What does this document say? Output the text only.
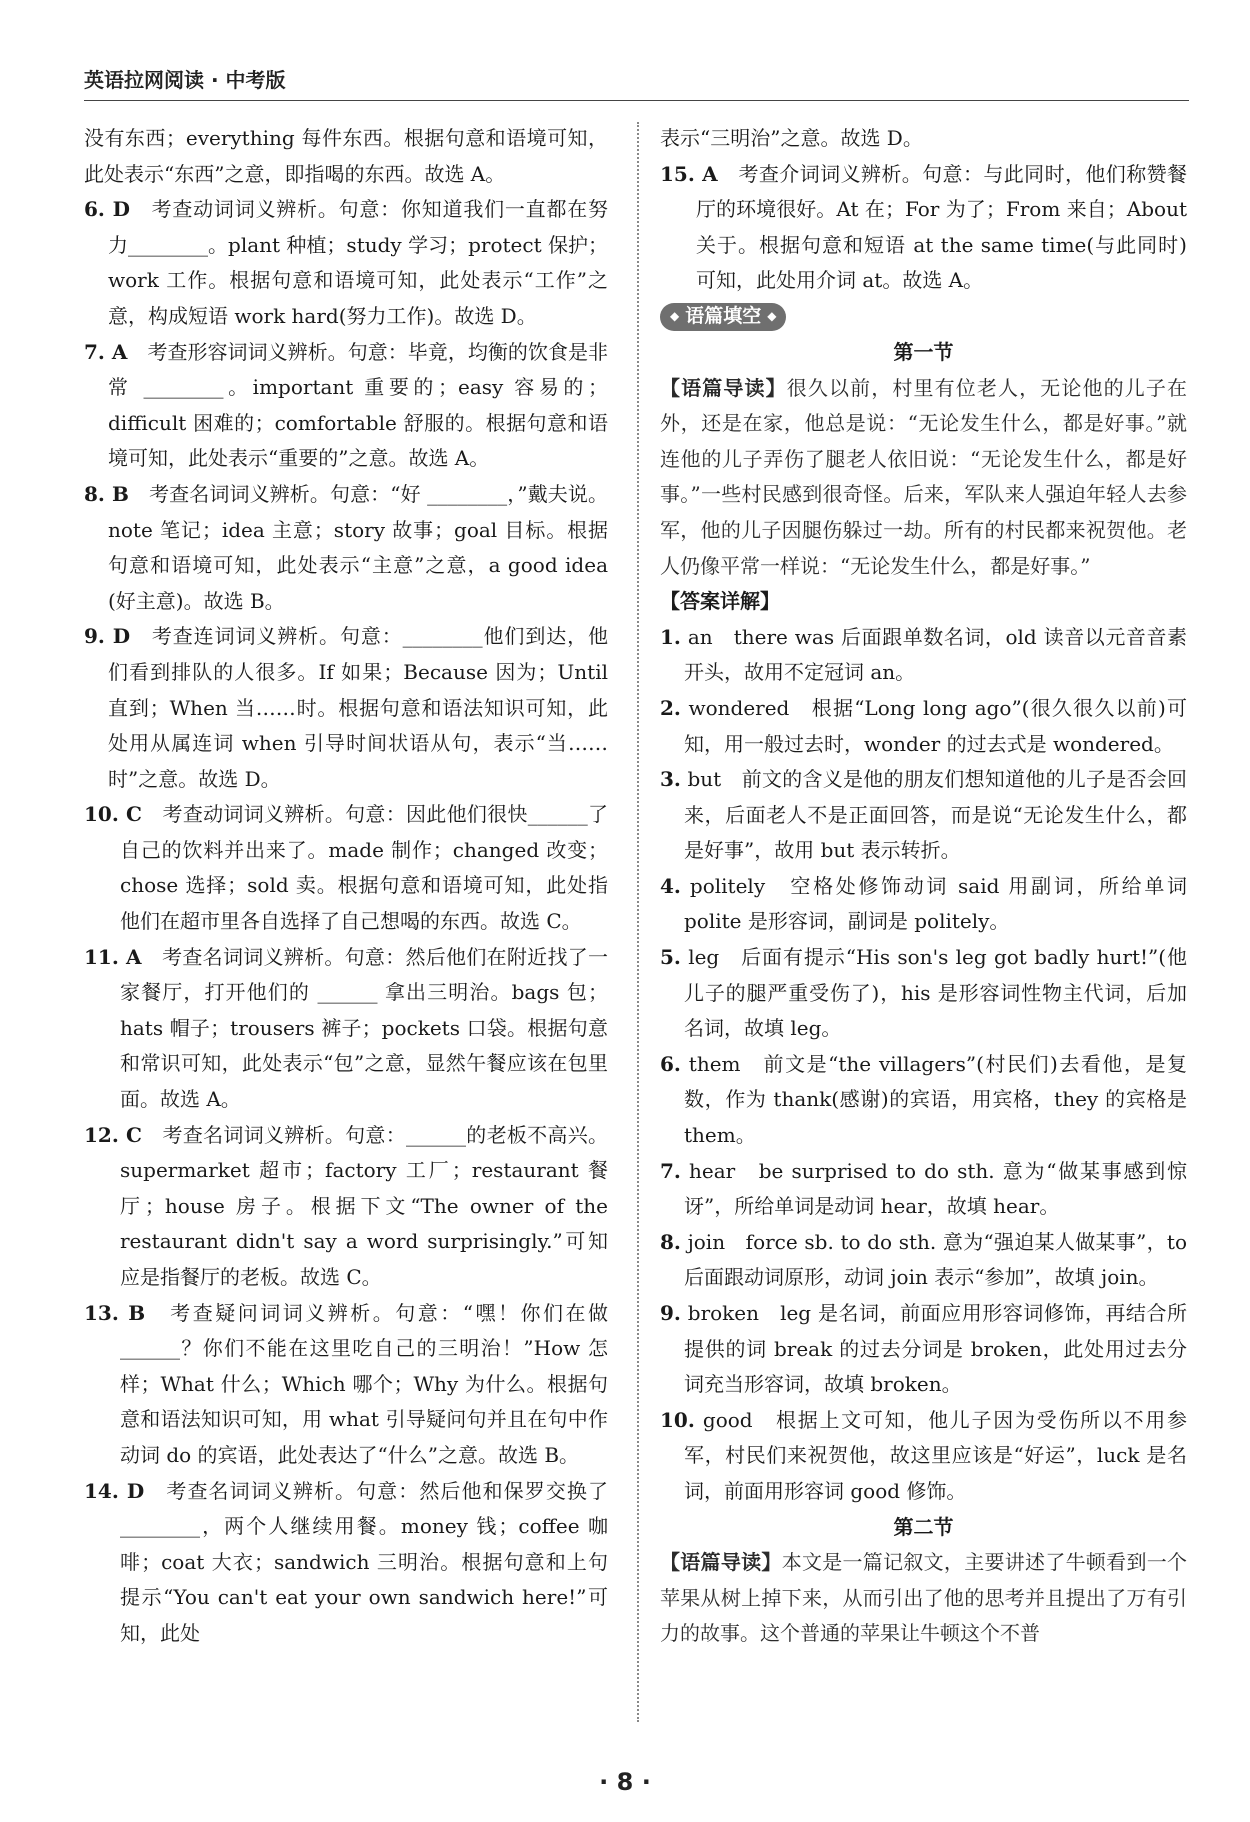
英语拉网阅读 · 中考版

没有东西；everything 每件东西。根据句意和语境可知，此处表示“东西”之意，即指喝的东西。故选 A。

6. D　 考查动词词义辨析。句意：你知道我们一直都在努力________。plant 种植；study 学习；protect 保护；work 工作。根据句意和语境可知，此处表示“工作”之意，构成短语 work hard(努力工作)。故选 D。

7. A　 考查形容词词义辨析。句意：毕竟，均衡的饮食是非常 ________。important 重要的；easy 容易的；difficult 困难的；comfortable 舒服的。根据句意和语境可知，此处表示“重要的”之意。故选 A。

8. B　 考查名词词义辨析。句意：“好 ________，”戴夫说。note 笔记；idea 主意；story 故事；goal 目标。根据句意和语境可知，此处表示“主意”之意，a good idea (好主意)。故选 B。

9. D　 考查连词词义辨析。句意：________他们到达，他们看到排队的人很多。If 如果；Because 因为；Until 直到；When 当……时。根据句意和语法知识可知，此处用从属连词 when 引导时间状语从句，表示“当……时”之意。故选 D。

10. C　 考查动词词义辨析。句意：因此他们很快______了自己的饮料并出来了。made 制作；changed 改变；chose 选择；sold 卖。根据句意和语境可知，此处指他们在超市里各自选择了自己想喝的东西。故选 C。

11. A　 考查名词词义辨析。句意：然后他们在附近找了一家餐厅，打开他们的 ______ 拿出三明治。bags 包；hats 帽子；trousers 裤子；pockets 口袋。根据句意和常识可知，此处表示“包”之意，显然午餐应该在包里面。故选 A。

12. C　 考查名词词义辨析。句意：______的老板不高兴。supermarket 超市；factory 工厂；restaurant 餐厅；house 房子。根据下文“The owner of the restaurant didn't say a word surprisingly.”可知应是指餐厅的老板。故选 C。

13. B　 考查疑问词词义辨析。句意：“嘿！你们在做______？你们不能在这里吃自己的三明治！”How 怎样；What 什么；Which 哪个；Why 为什么。根据句意和语法知识可知，用 what 引导疑问句并且在句中作动词 do 的宾语，此处表达了“什么”之意。故选 B。

14. D　 考查名词词义辨析。句意：然后他和保罗交换了________，两个人继续用餐。money 钱；coffee 咖啡；coat 大衣；sandwich 三明治。根据句意和上句提示“You can't eat your own sandwich here!”可知，此处

表示“三明治”之意。故选 D。

15. A　 考查介词词义辨析。句意：与此同时，他们称赞餐厅的环境很好。At 在；For 为了；From 来自；About 关于。根据句意和短语 at the same time(与此同时)可知，此处用介词 at。故选 A。

◆ 语篇填空 ◆

第一节

【语篇导读】很久以前，村里有位老人，无论他的儿子在外，还是在家，他总是说：“无论发生什么，都是好事。”就连他的儿子弄伤了腿老人依旧说：“无论发生什么，都是好事。”一些村民感到很奇怪。后来，军队来人强迫年轻人去参军，他的儿子因腿伤躲过一劫。所有的村民都来祝贺他。老人仍像平常一样说：“无论发生什么，都是好事。”

【答案详解】

1. an　there was 后面跟单数名词，old 读音以元音音素开头，故用不定冠词 an。

2. wondered　根据“Long long ago”(很久很久以前)可知，用一般过去时，wonder 的过去式是 wondered。

3. but　前文的含义是他的朋友们想知道他的儿子是否会回来，后面老人不是正面回答，而是说“无论发生什么，都是好事”，故用 but 表示转折。

4. politely　空格处修饰动词 said 用副词，所给单词 polite 是形容词，副词是 politely。

5. leg　后面有提示“His son's leg got badly hurt!”(他儿子的腿严重受伤了)，his 是形容词性物主代词，后加名词，故填 leg。

6. them　前文是“the villagers”(村民们)去看他，是复数，作为 thank(感谢)的宾语，用宾格，they 的宾格是 them。

7. hear　be surprised to do sth. 意为“做某事感到惊讶”，所给单词是动词 hear，故填 hear。

8. join　force sb. to do sth. 意为“强迫某人做某事”，to 后面跟动词原形，动词 join 表示“参加”，故填 join。

9. broken　leg 是名词，前面应用形容词修饰，再结合所提供的词 break 的过去分词是 broken，此处用过去分词充当形容词，故填 broken。

10. good　根据上文可知，他儿子因为受伤所以不用参军，村民们来祝贺他，故这里应该是“好运”，luck 是名词，前面用形容词 good 修饰。

第二节

【语篇导读】本文是一篇记叙文，主要讲述了牛顿看到一个苹果从树上掉下来，从而引出了他的思考并且提出了万有引力的故事。这个普通的苹果让牛顿这个不普

· 8 ·
